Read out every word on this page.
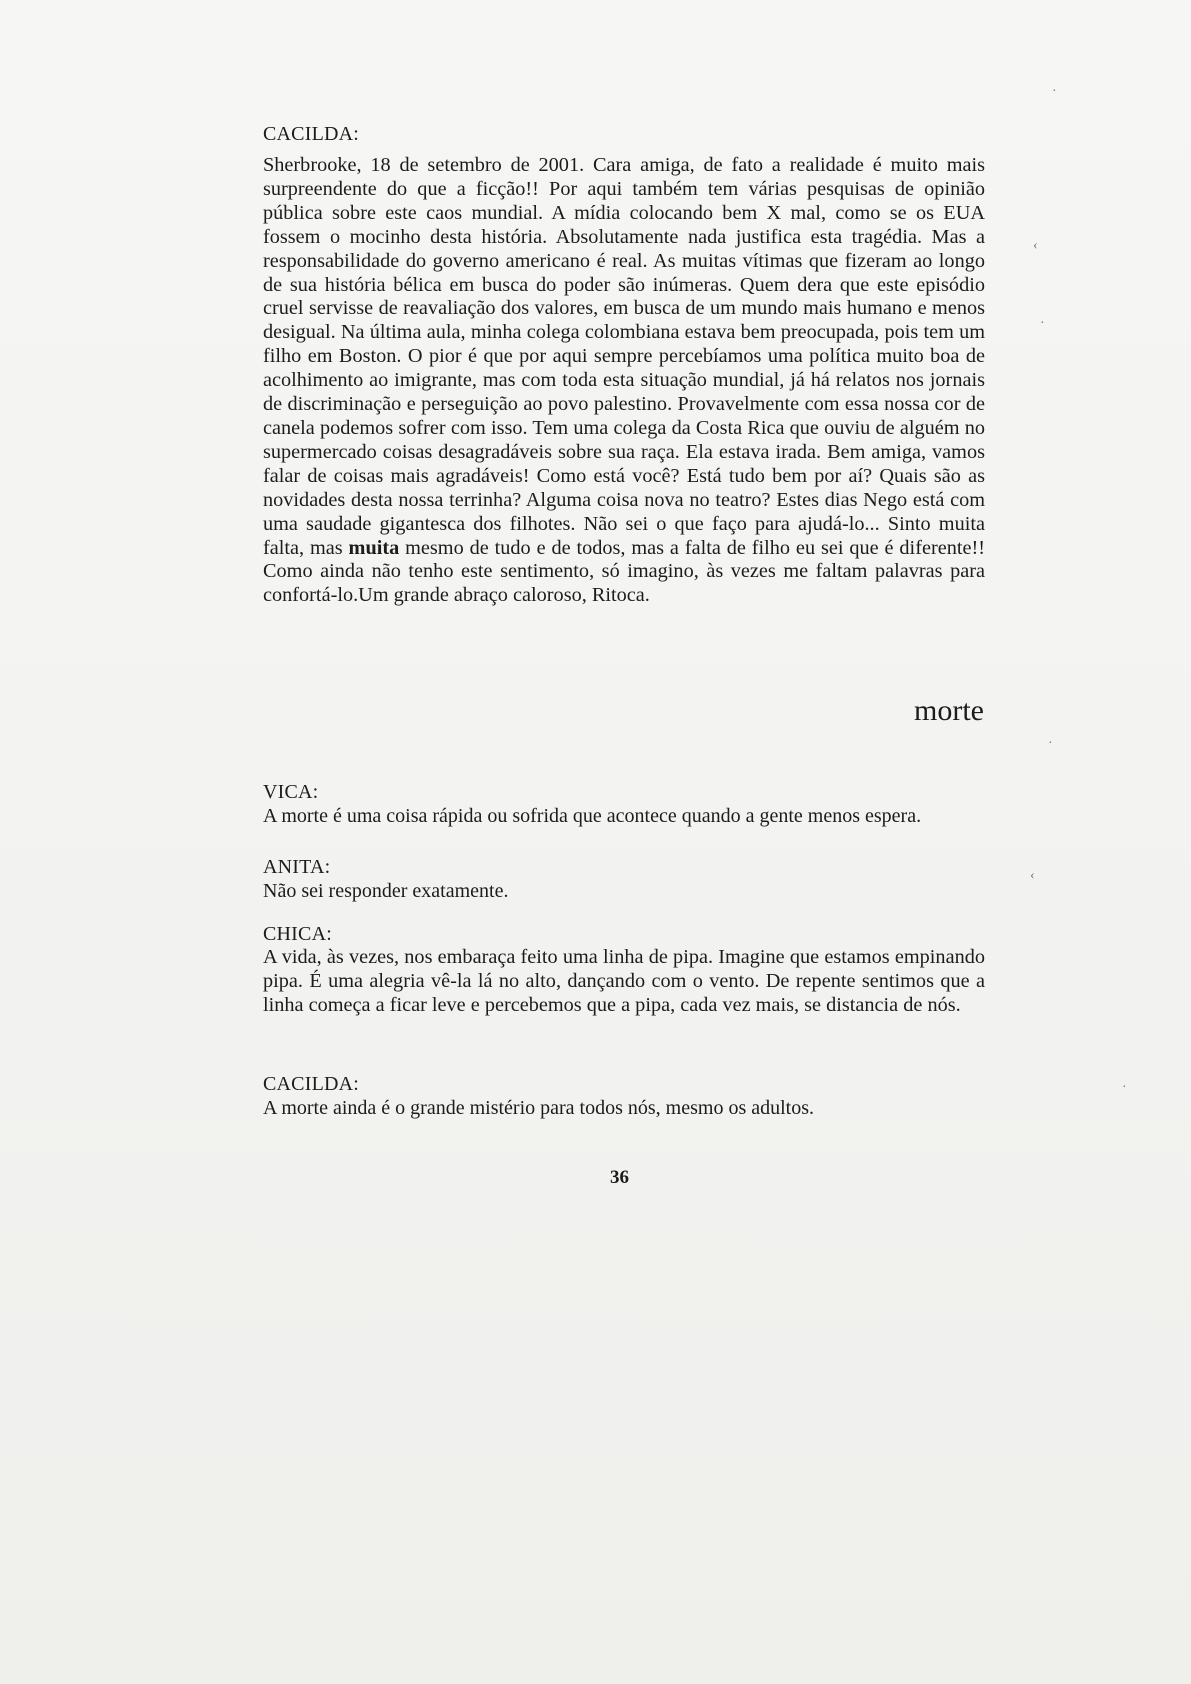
CACILDA:

Sherbrooke, 18 de setembro de 2001. Cara amiga, de fato a realidade é muito mais surpreendente do que a ficção!! Por aqui também tem várias pesquisas de opinião pública sobre este caos mundial. A mídia colocando bem X mal, como se os EUA fossem o mocinho desta história. Absolutamente nada justifica esta tragédia. Mas a responsabilidade do governo americano é real. As muitas vítimas que fizeram ao longo de sua história bélica em busca do poder são inúmeras. Quem dera que este episódio cruel servisse de reavaliação dos valores, em busca de um mundo mais humano e menos desigual. Na última aula, minha colega colombiana estava bem preocupada, pois tem um filho em Boston. O pior é que por aqui sempre percebíamos uma política muito boa de acolhimento ao imigrante, mas com toda esta situação mundial, já há relatos nos jornais de discriminação e perseguição ao povo palestino. Provavelmente com essa nossa cor de canela podemos sofrer com isso. Tem uma colega da Costa Rica que ouviu de alguém no supermercado coisas desagradáveis sobre sua raça. Ela estava irada. Bem amiga, vamos falar de coisas mais agradáveis! Como está você? Está tudo bem por aí? Quais são as novidades desta nossa terrinha? Alguma coisa nova no teatro? Estes dias Nego está com uma saudade gigantesca dos filhotes. Não sei o que faço para ajudá-lo... Sinto muita falta, mas muita mesmo de tudo e de todos, mas a falta de filho eu sei que é diferente!! Como ainda não tenho este sentimento, só imagino, às vezes me faltam palavras para confortá-lo.Um grande abraço caloroso, Ritoca.

morte

VICA:

A morte é uma coisa rápida ou sofrida que acontece quando a gente menos espera.

ANITA:

Não sei responder exatamente.

CHICA:

A vida, às vezes, nos embaraça feito uma linha de pipa. Imagine que estamos empinando pipa. É uma alegria vê-la lá no alto, dançando com o vento. De repente sentimos que a linha começa a ficar leve e percebemos que a pipa, cada vez mais, se distancia de nós.

CACILDA:

A morte ainda é o grande mistério para todos nós, mesmo os adultos.

36
·
‹
·
·
‹
·
